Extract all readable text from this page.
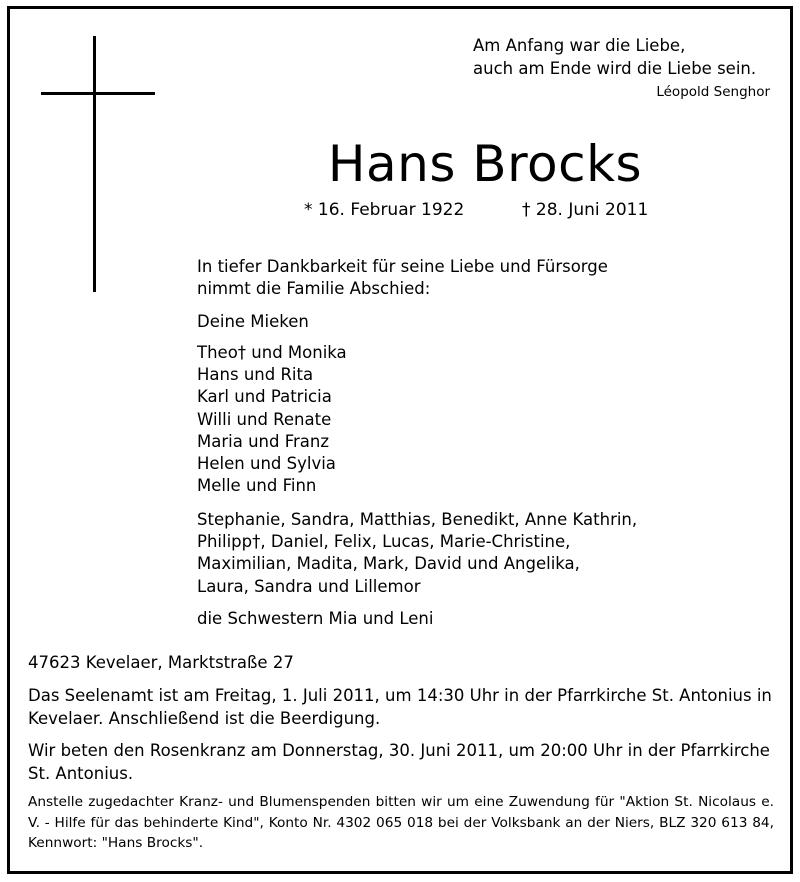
Am Anfang war die Liebe,
auch am Ende wird die Liebe sein.
Léopold Senghor
Hans Brocks
* 16. Februar 1922	† 28. Juni 2011
In tiefer Dankbarkeit für seine Liebe und Fürsorge
nimmt die Familie Abschied:
Deine Mieken
Theo† und Monika
Hans und Rita
Karl und Patricia
Willi und Renate
Maria und Franz
Helen und Sylvia
Melle und Finn
Stephanie, Sandra, Matthias, Benedikt, Anne Kathrin,
Philipp†, Daniel, Felix, Lucas, Marie-Christine,
Maximilian, Madita, Mark, David und Angelika,
Laura, Sandra und Lillemor
die Schwestern Mia und Leni
47623 Kevelaer, Marktstraße 27
Das Seelenamt ist am Freitag, 1. Juli 2011, um 14:30 Uhr in der Pfarrkirche St. Antonius in Kevelaer. Anschließend ist die Beerdigung.
Wir beten den Rosenkranz am Donnerstag, 30. Juni 2011, um 20:00 Uhr in der Pfarrkirche St. Antonius.
Anstelle zugedachter Kranz- und Blumenspenden bitten wir um eine Zuwendung für "Aktion St. Nicolaus e. V. - Hilfe für das behinderte Kind", Konto Nr. 4302 065 018 bei der Volksbank an der Niers, BLZ 320 613 84, Kennwort: "Hans Brocks".
